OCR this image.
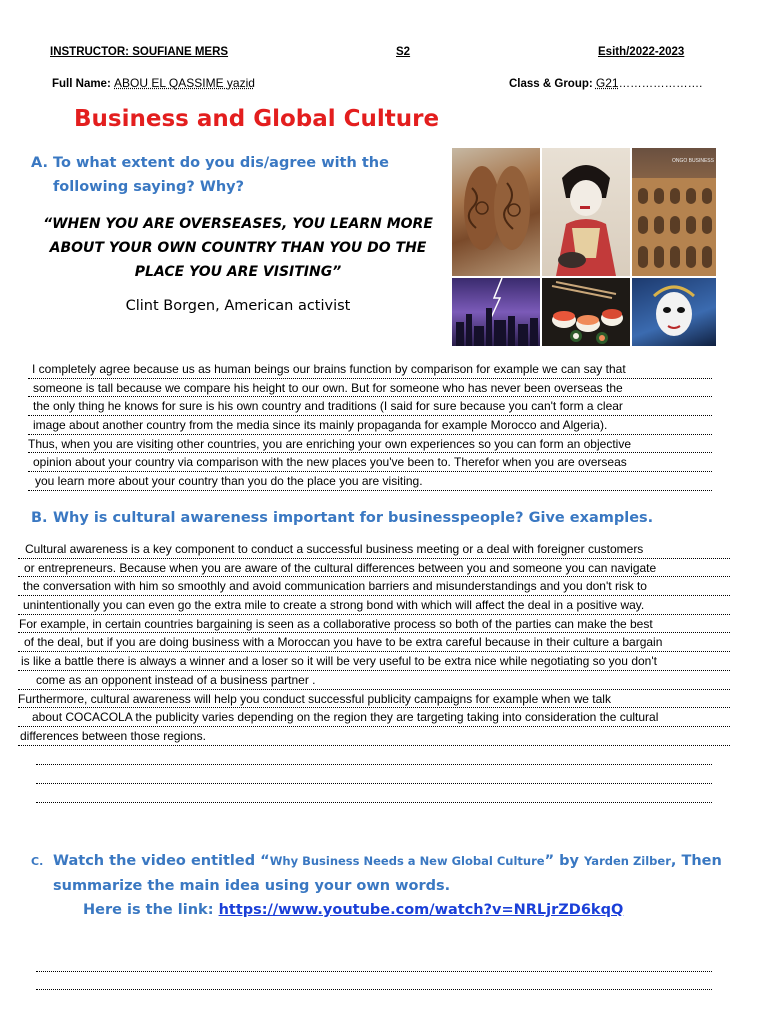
INSTRUCTOR: SOUFIANE MERS	S2	Esith/2022-2023
Full Name: ABOU EL QASSIME yazid	Class & Group: G21………………….
Business and Global Culture
A. To what extent do you dis/agree with the
following saying? Why?
“WHEN YOU ARE OVERSEASES, YOU LEARN MORE
ABOUT YOUR OWN COUNTRY THAN YOU DO THE
PLACE YOU ARE VISITING”
Clint Borgen, American activist
ONGO BUSINESS
I completely agree because us as human beings our brains function by comparison for example we can say that
someone is tall because we compare his height to our own. But for someone who has never been overseas the
the only thing he knows for sure is his own country and traditions (I said for sure because you can't form a clear
image about another country from the media since its mainly propaganda for example Morocco and Algeria).
Thus, when you are visiting other countries, you are enriching your own experiences so you can form an objective
opinion about your country via comparison with the new places you've been to. Therefor when you are overseas
you learn more about your country than you do the place you are visiting.
B. Why is cultural awareness important for businesspeople? Give examples.
Cultural awareness is a key component to conduct a successful business meeting or a deal with foreigner customers
or entrepreneurs. Because when you are aware of the cultural differences between you and someone you can navigate
the conversation with him so smoothly and avoid communication barriers and misunderstandings and you don't risk to
unintentionally you can even go the extra mile to create a strong bond with which will affect the deal in a positive way.
For example, in certain countries bargaining is seen as a collaborative process so both of the parties can make the best
of the deal, but if you are doing business with a Moroccan you have to be extra careful because in their culture a bargain
is like a battle there is always a winner and a loser so it will be very useful to be extra nice while negotiating so you don't
come as an opponent instead of a business partner .
Furthermore, cultural awareness will help you conduct successful publicity campaigns for example when we talk
about COCACOLA the publicity varies depending on the region they are targeting taking into consideration the cultural
differences between those regions.
C. Watch the video entitled “Why Business Needs a New Global Culture” by Yarden Zilber, Then
summarize the main idea using your own words.
Here is the link: https://www.youtube.com/watch?v=NRLjrZD6kqQ
